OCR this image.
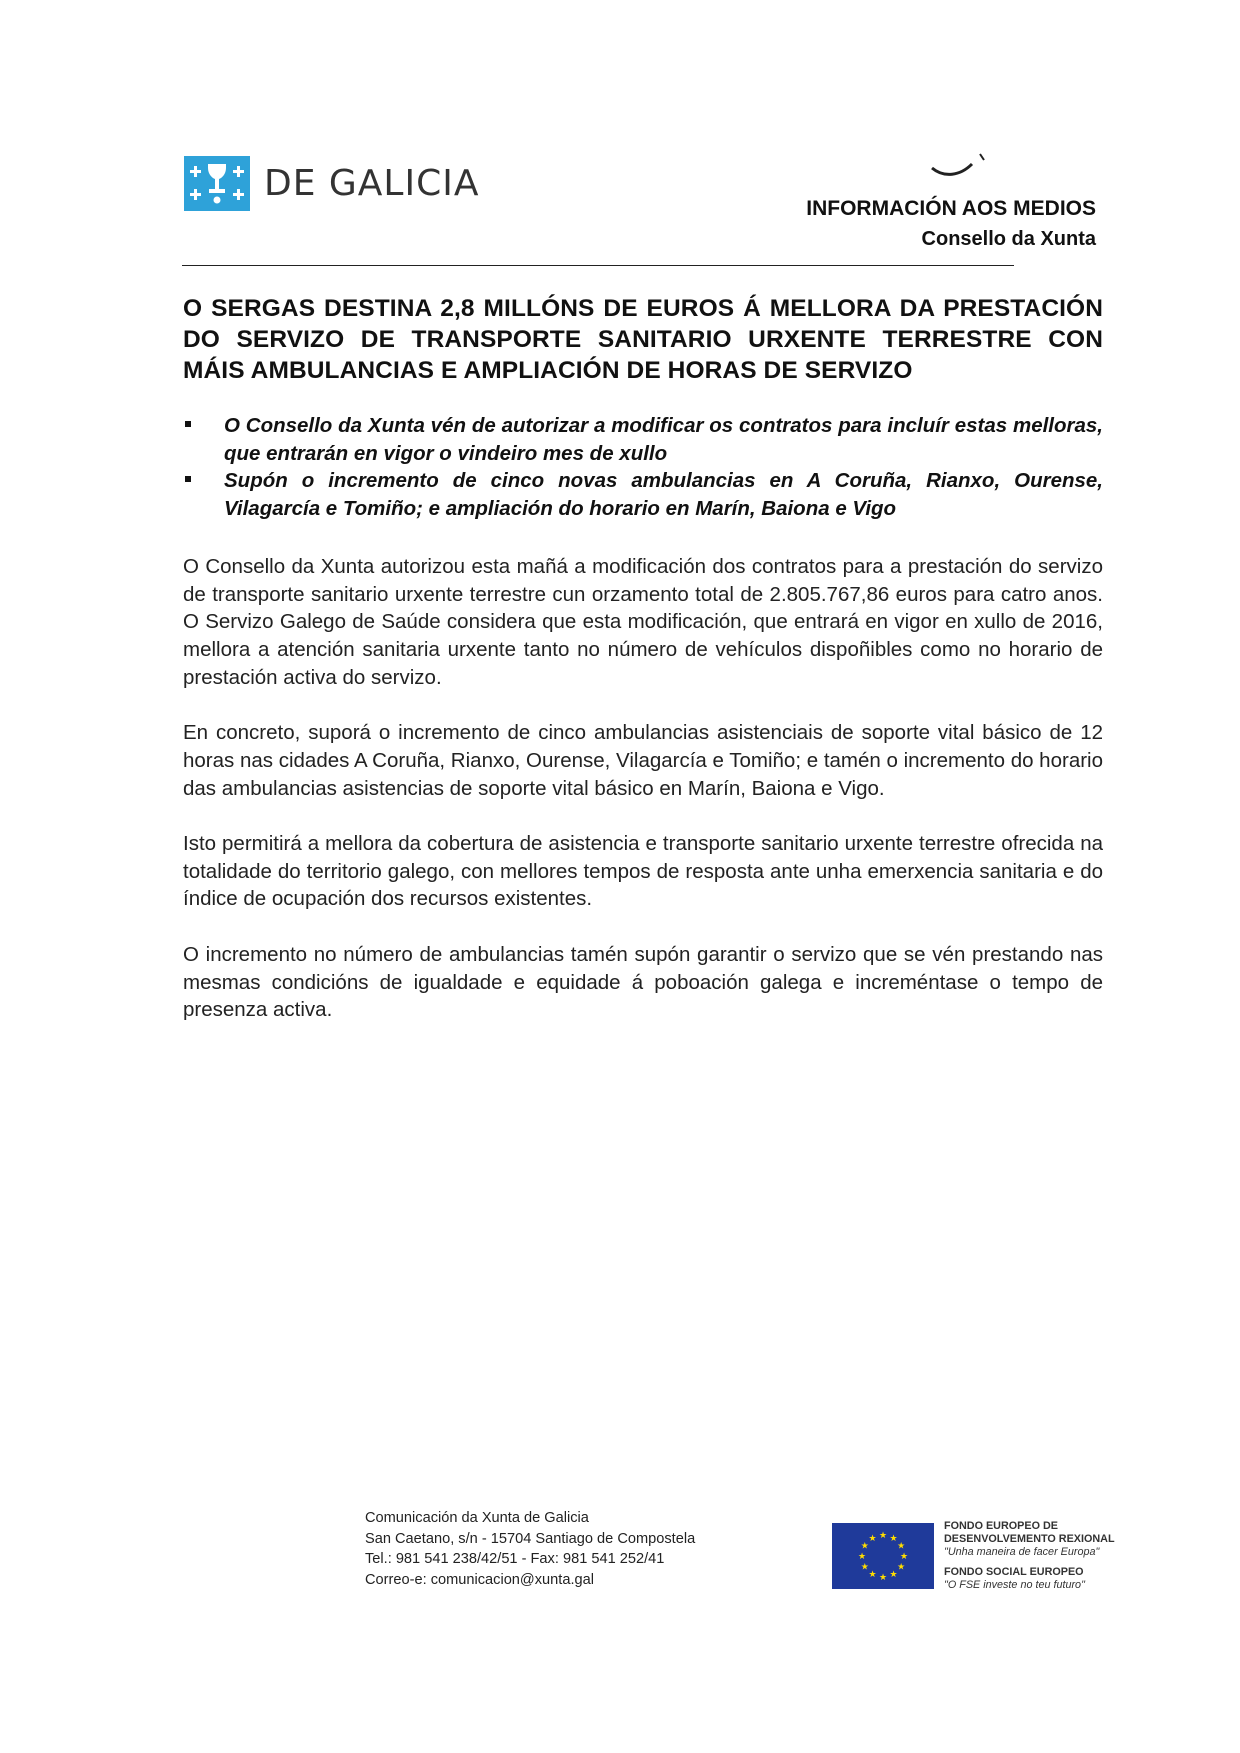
DE GALICIA
INFORMACIÓN AOS MEDIOS
Consello da Xunta
O SERGAS DESTINA 2,8 MILLÓNS DE EUROS Á MELLORA DA PRESTACIÓN DO SERVIZO DE TRANSPORTE SANITARIO URXENTE TERRESTRE CON MÁIS AMBULANCIAS E AMPLIACIÓN DE HORAS DE SERVIZO
O Consello da Xunta vén de autorizar a modificar os contratos para incluír estas melloras, que entrarán en vigor o vindeiro mes de xullo
Supón o incremento de cinco novas ambulancias en A Coruña, Rianxo, Ourense, Vilagarcía e Tomiño; e ampliación do horario en Marín, Baiona e Vigo

O Consello da Xunta autorizou esta mañá a modificación dos contratos para a prestación do servizo de transporte sanitario urxente terrestre cun orzamento total de 2.805.767,86 euros para catro anos. O Servizo Galego de Saúde considera que esta modificación, que entrará en vigor en xullo de 2016, mellora a atención sanitaria urxente tanto no número de vehículos dispoñibles como no horario de prestación activa do servizo.

En concreto, suporá o incremento de cinco ambulancias asistenciais de soporte vital básico de 12 horas nas cidades A Coruña, Rianxo, Ourense, Vilagarcía e Tomiño; e tamén o incremento do horario das ambulancias asistencias de soporte vital básico en Marín, Baiona e Vigo.

Isto permitirá a mellora da cobertura de asistencia e transporte sanitario urxente terrestre ofrecida na totalidade do territorio galego, con mellores tempos de resposta ante unha emerxencia sanitaria e do índice de ocupación dos recursos existentes.

O incremento no número de ambulancias tamén supón garantir o servizo que se vén prestando nas mesmas condicións de igualdade e equidade á poboación galega e increméntase o tempo de presenza activa.

Comunicación da Xunta de Galicia
San Caetano, s/n - 15704 Santiago de Compostela
Tel.: 981 541 238/42/51 - Fax: 981 541 252/41
Correo-e: comunicacion@xunta.gal
★ ★
★
★
★
★
★
★
★
★
★
★
FONDO EUROPEO DE
DESENVOLVEMENTO REXIONAL
"Unha maneira de facer Europa"
FONDO SOCIAL EUROPEO
"O FSE investe no teu futuro"
